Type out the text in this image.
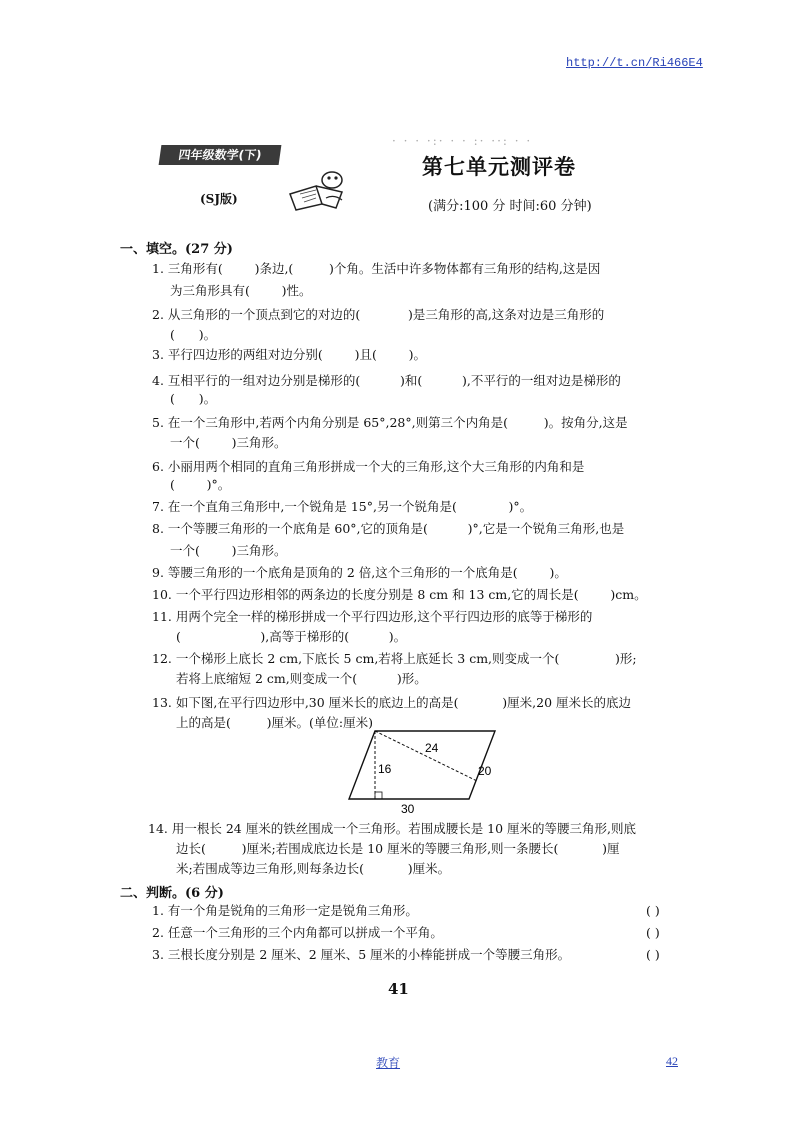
http://t.cn/Ri466E4
· · · ·:· · · :· ··: · ·
四年级数学(下)
(SJ版)
第七单元测评卷
(满分:100 分 时间:60 分钟)
一、填空。(27 分)
1. 三角形有(        )条边,(         )个角。生活中许多物体都有三角形的结构,这是因
为三角形具有(        )性。
2. 从三角形的一个顶点到它的对边的(            )是三角形的高,这条对边是三角形的
(      )。
3. 平行四边形的两组对边分别(        )且(        )。
4. 互相平行的一组对边分别是梯形的(          )和(          ),不平行的一组对边是梯形的
(      )。
5. 在一个三角形中,若两个内角分别是 65°,28°,则第三个内角是(         )。按角分,这是
一个(        )三角形。
6. 小丽用两个相同的直角三角形拼成一个大的三角形,这个大三角形的内角和是
(        )°。
7. 在一个直角三角形中,一个锐角是 15°,另一个锐角是(             )°。
8. 一个等腰三角形的一个底角是 60°,它的顶角是(          )°,它是一个锐角三角形,也是
一个(        )三角形。
9. 等腰三角形的一个底角是顶角的 2 倍,这个三角形的一个底角是(        )。
10. 一个平行四边形相邻的两条边的长度分别是 8 cm 和 13 cm,它的周长是(        )cm。
11. 用两个完全一样的梯形拼成一个平行四边形,这个平行四边形的底等于梯形的
(                    ),高等于梯形的(          )。
12. 一个梯形上底长 2 cm,下底长 5 cm,若将上底延长 3 cm,则变成一个(              )形;
若将上底缩短 2 cm,则变成一个(          )形。
13. 如下图,在平行四边形中,30 厘米长的底边上的高是(           )厘米,20 厘米长的底边
上的高是(         )厘米。(单位:厘米)
24
16	20
30
14. 用一根长 24 厘米的铁丝围成一个三角形。若围成腰长是 10 厘米的等腰三角形,则底
边长(         )厘米;若围成底边长是 10 厘米的等腰三角形,则一条腰长(           )厘
米;若围成等边三角形,则每条边长(           )厘米。
二、判断。(6 分)
1. 有一个角是锐角的三角形一定是锐角三角形。	( )
2. 任意一个三角形的三个内角都可以拼成一个平角。	( )
3. 三根长度分别是 2 厘米、2 厘米、5 厘米的小棒能拼成一个等腰三角形。	( )
41
教育	42
